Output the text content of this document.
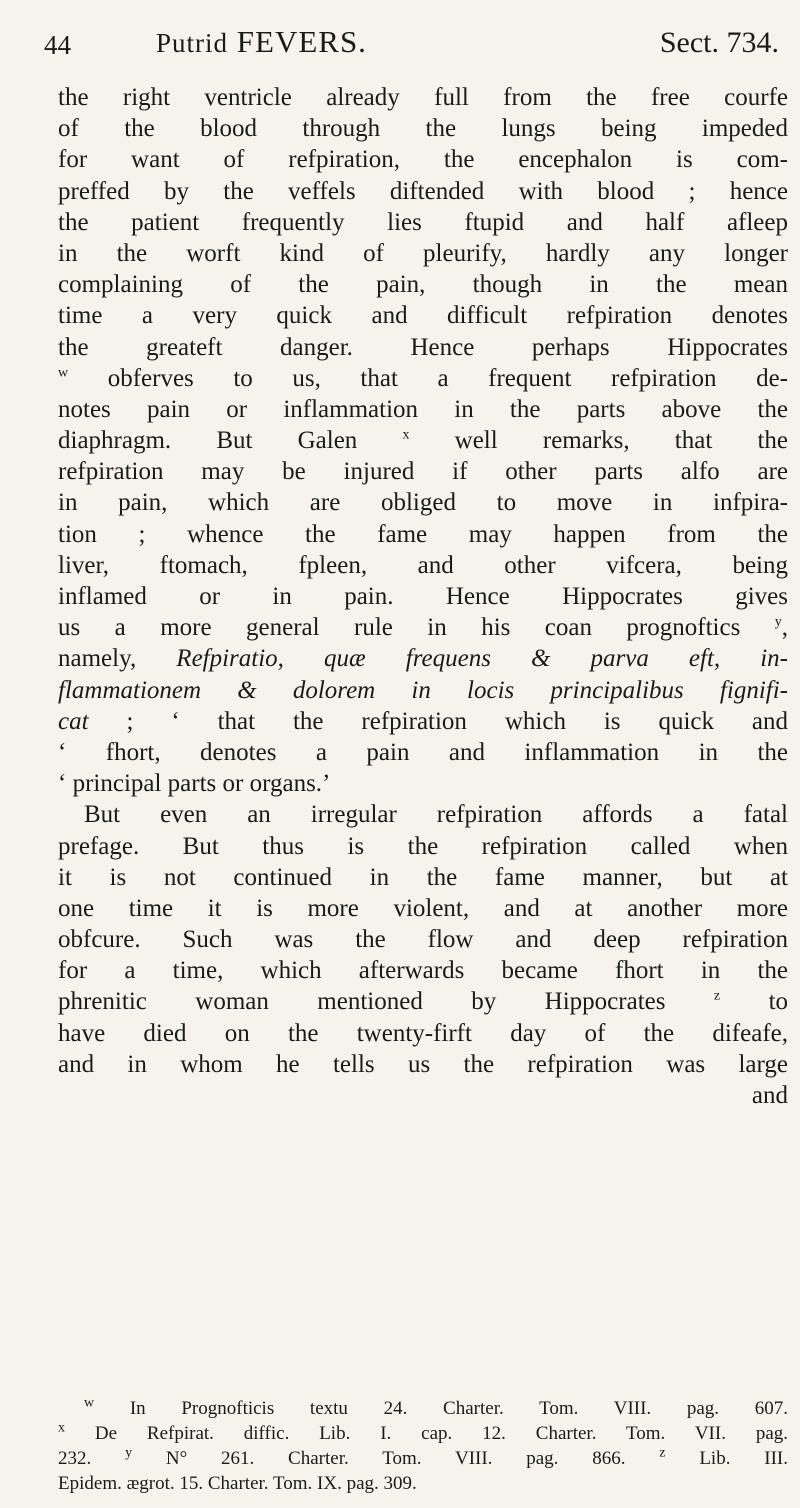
44	Putrid FEVERS.	Sect. 734.
the right ventricle already full from the free courfe
of the blood through the lungs being impeded
for want of refpiration, the encephalon is com-
preffed by the veffels diftended with blood ; hence
the patient frequently lies ftupid and half afleep
in the worft kind of pleurify, hardly any longer
complaining of the pain, though in the mean
time a very quick and difficult refpiration denotes
the greateft danger. Hence perhaps Hippocrates
$^w$ obferves to us, that a frequent refpiration de-
notes pain or inflammation in the parts above the
diaphragm. But Galen	$^x$ well remarks, that the
refpiration may be injured if other parts alfo are
in pain, which are obliged to move in infpira-
tion ; whence the fame may happen from the
liver, ftomach, fpleen, and other vifcera, being
inflamed or in pain. Hence Hippocrates gives
us a more general rule in his coan prognoftics $^y$,
namely, Refpiratio, quæ frequens & parva eft, in-
flammationem & dolorem in locis principalibus fignifi-
cat ; ‘ that the refpiration which is quick and
‘ fhort, denotes a pain and inflammation in the
‘ principal parts or organs.’
But even an irregular refpiration affords a fatal
prefage. But thus is the refpiration called when
it is not continued in the fame manner, but at
one time it is more violent, and at another more
obfcure. Such was the flow and deep refpiration
for a time, which afterwards became fhort in the
phrenitic woman mentioned by Hippocrates	$^z$ to
have died on the twenty-firft day of the difeafe,
and in whom he tells us the refpiration was large
and
$^w$ In Prognofticis textu 24. Charter. Tom. VIII. pag. 607.
$^x$ De Refpirat. diffic. Lib. I. cap. 12. Charter. Tom. VII. pag.
232. $^y$ N° 261. Charter. Tom. VIII. pag. 866. $^z$ Lib. III.
Epidem. ægrot. 15. Charter. Tom. IX. pag. 309.
